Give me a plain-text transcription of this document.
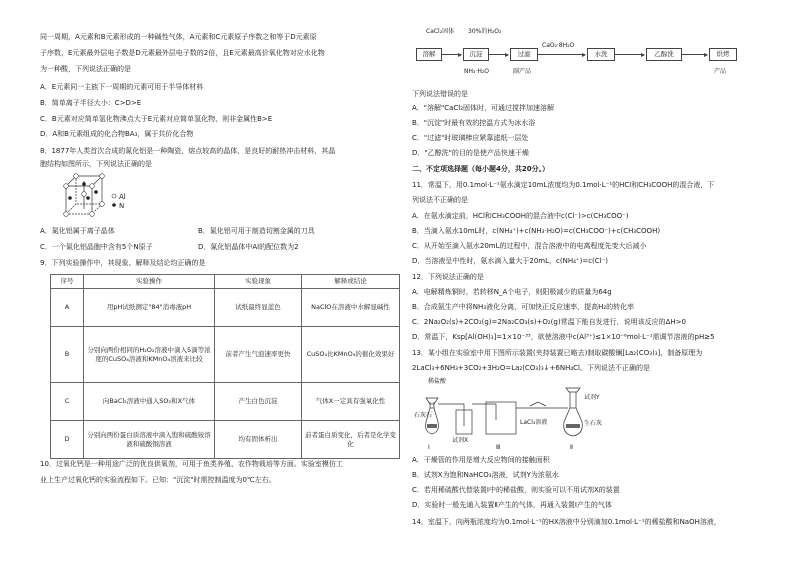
同一周期，A元素和B元素形成的一种碱性气体，A元素和C元素原子序数之和等于D元素原
子序数，E元素最外层电子数是D元素最外层电子数的2倍，且E元素最高价氧化物对应水化物
为一种酸，下列说法正确的是
A．E元素同一主族下一周期的元素可用于半导体材料
B．简单离子半径大小：C>D>E
C．B元素对应简单氢化物沸点大于E元素对应简单氢化物，则非金属性B>E
D．A和B元素组成的化合物BA₃，属于共价化合物
8．1877年人类首次合成的氮化铝是一种陶瓷，熔点较高的晶体，是良好的耐热冲击材料，其晶
胞结构如图所示，下列说法正确的是
Al
N
A．氮化铝属于离子晶体	B．氮化铝可用于制造切割金属的刀具
C．一个氮化铝晶胞中含有5个N原子	D．氮化铝晶体中Al的配位数为2
9．下列实验操作中，其现象、解释及结论均正确的是
序号	实验操作	实验现象	解释或结论
A	用pH试纸测定"84"消毒液pH	试纸最终显蓝色	NaClO在溶液中水解显碱性
B	分别向两份相同的H₂O₂溶液中滴入5滴等浓度的CuSO₄溶液和KMnO₄溶液来比较	前者产生气泡速率更快	CuSO₄比KMnO₄的催化效果好
C	向BaCl₂溶液中通入SO₂和X气体	产生白色沉淀	气体X一定具有强氧化性
D	分别向两份蛋白质溶液中滴入饱和硫酸铵溶液和硫酸铜溶液	均有固体析出	前者蛋白质变化，后者是化学变化
10．过氧化钙是一种用途广泛的优良供氧剂，可用于鱼类养殖、农作物栽培等方面。实验室模仿工
业上生产过氧化钙的实验流程如下。已知："沉淀"时需控制温度为0℃左右。
CaCl₂固体 30%的H₂O₂
CaO₂·8H₂O
溶解	沉淀	过滤	水洗	乙醇洗	烘烤
NH₃·H₂O	副产品	产品
下列说法错误的是
A．"溶解"CaCl₂固体时，可通过搅拌加速溶解
B．"沉淀"时最有效的控温方式为冰水浴
C．"过滤"时玻璃棒应紧靠滤纸一层处
D．"乙醇洗"的目的是使产品快速干燥
二、不定项选择题（每小题4分，共20分。）
11．常温下，用0.1mol·L⁻¹氨水滴定10mL浓度均为0.1mol·L⁻¹的HCl和CH₃COOH的混合液，下
列说法不正确的是
A．在氨水滴定前，HCl和CH₃COOH的混合液中c(Cl⁻)>c(CH₃COO⁻)
B．当滴入氨水10mL时，c(NH₄⁺)+c(NH₃·H₂O)=c(CH₃COO⁻)+c(CH₃COOH)
C．从开始至滴入氨水20mL的过程中，混合溶液中的电离程度先变大后减小
D．当溶液呈中性时，氨水滴入量大于20mL，c(NH₄⁺)=c(Cl⁻)
12．下列说法正确的是
A．电解精炼铜时，若转移N_A个电子，则阳极减少的质量为64g
B．合成氨生产中将NH₃液化分离，可加快正反应速率，提高H₂的转化率
C．2Na₂O₂(s)+2CO₂(g)=2Na₂CO₃(s)+O₂(g)常温下能自发进行，说明该反应的ΔH>0
D．常温下，Ksp[Al(OH)₃]=1×10⁻³³，欲使溶液中c(Al³⁺)≤1×10⁻⁶mol·L⁻¹需调节溶液的pH≥5
13．某小组在实验室中用下图所示装置(夹持装置已略去)制取碳酸镧[La₂(CO₃)₃]，制备原理为
2LaCl₃+6NH₃+3CO₂+3H₂O=La₂(CO₃)₃↓+6NH₄Cl。下列说法不正确的是
稀盐酸
石灰石
试剂X
LaCl₃溶液
试剂Y
生石灰
Ⅰ	Ⅱ
Ⅲ
A．干燥管的作用是增大反应物间的接触面积
B．试剂X为饱和NaHCO₃溶液，试剂Y为浓氨水
C．若用稀硫酸代替装置Ⅰ中的稀盐酸，则实验可以不用试剂X的装置
D．实验时一般先通入装置Ⅱ产生的气体，再通入装置Ⅰ产生的气体
14．室温下，向两瓶浓度均为0.1mol·L⁻¹的HX溶液中分别滴加0.1mol·L⁻¹的稀盐酸和NaOH溶液，
